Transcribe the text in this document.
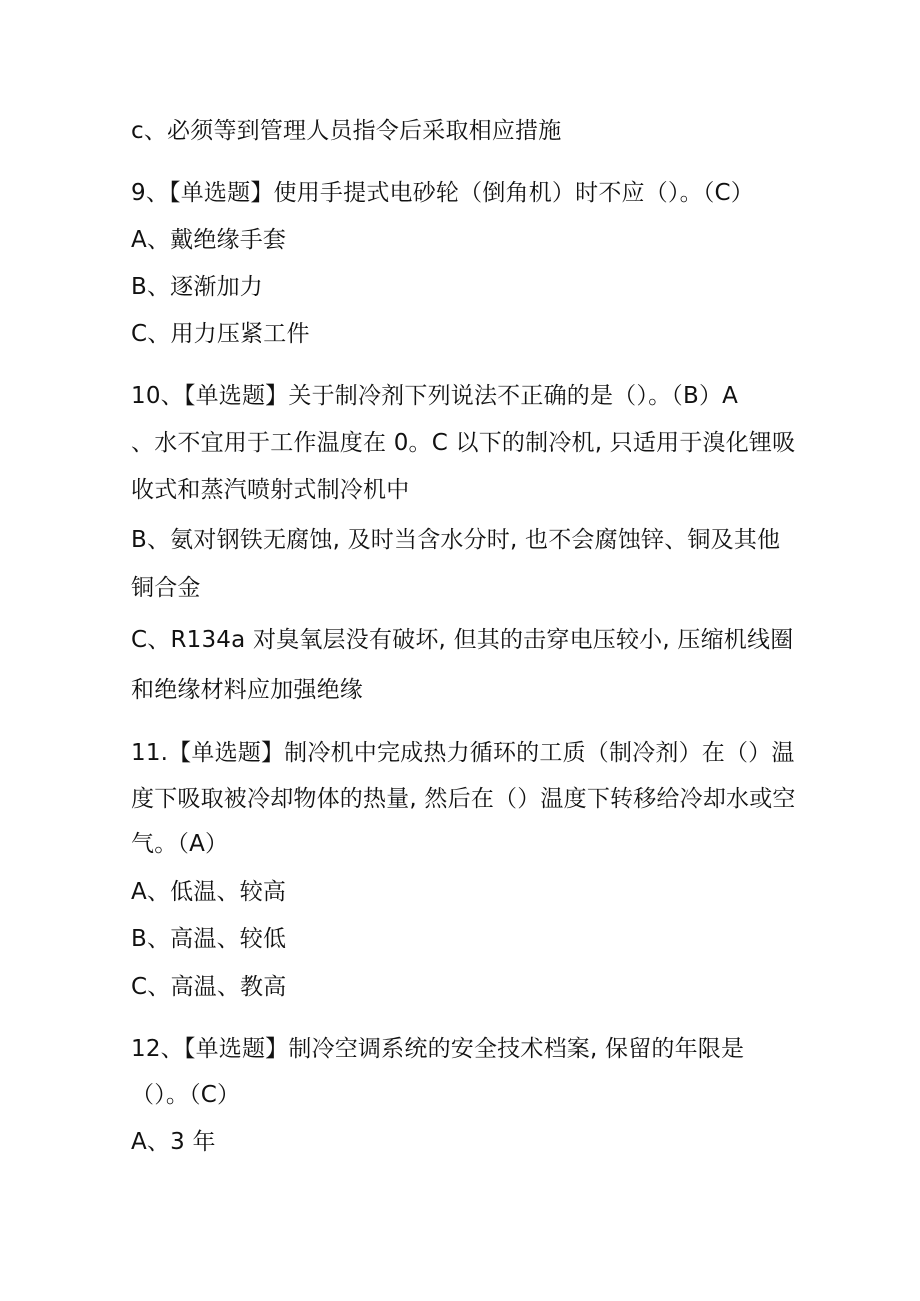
c、必须等到管理人员指令后采取相应措施
9、【单选题】使用手提式电砂轮（倒角机）时不应（）。（C）
A、戴绝缘手套
B、逐渐加力
C、用力压紧工件
10、【单选题】关于制冷剂下列说法不正确的是（）。（B）A
、水不宜用于工作温度在 0。C 以下的制冷机, 只适用于溴化锂吸
收式和蒸汽喷射式制冷机中
B、氨对钢铁无腐蚀, 及时当含水分时, 也不会腐蚀锌、铜及其他
铜合金
C、R134a 对臭氧层没有破坏, 但其的击穿电压较小, 压缩机线圈
和绝缘材料应加强绝缘
11.【单选题】制冷机中完成热力循环的工质（制冷剂）在（）温
度下吸取被冷却物体的热量, 然后在（）温度下转移给冷却水或空
气。（A）
A、低温、较高
B、高温、较低
C、高温、教高
12、【单选题】制冷空调系统的安全技术档案, 保留的年限是
（）。（C）
A、3 年
